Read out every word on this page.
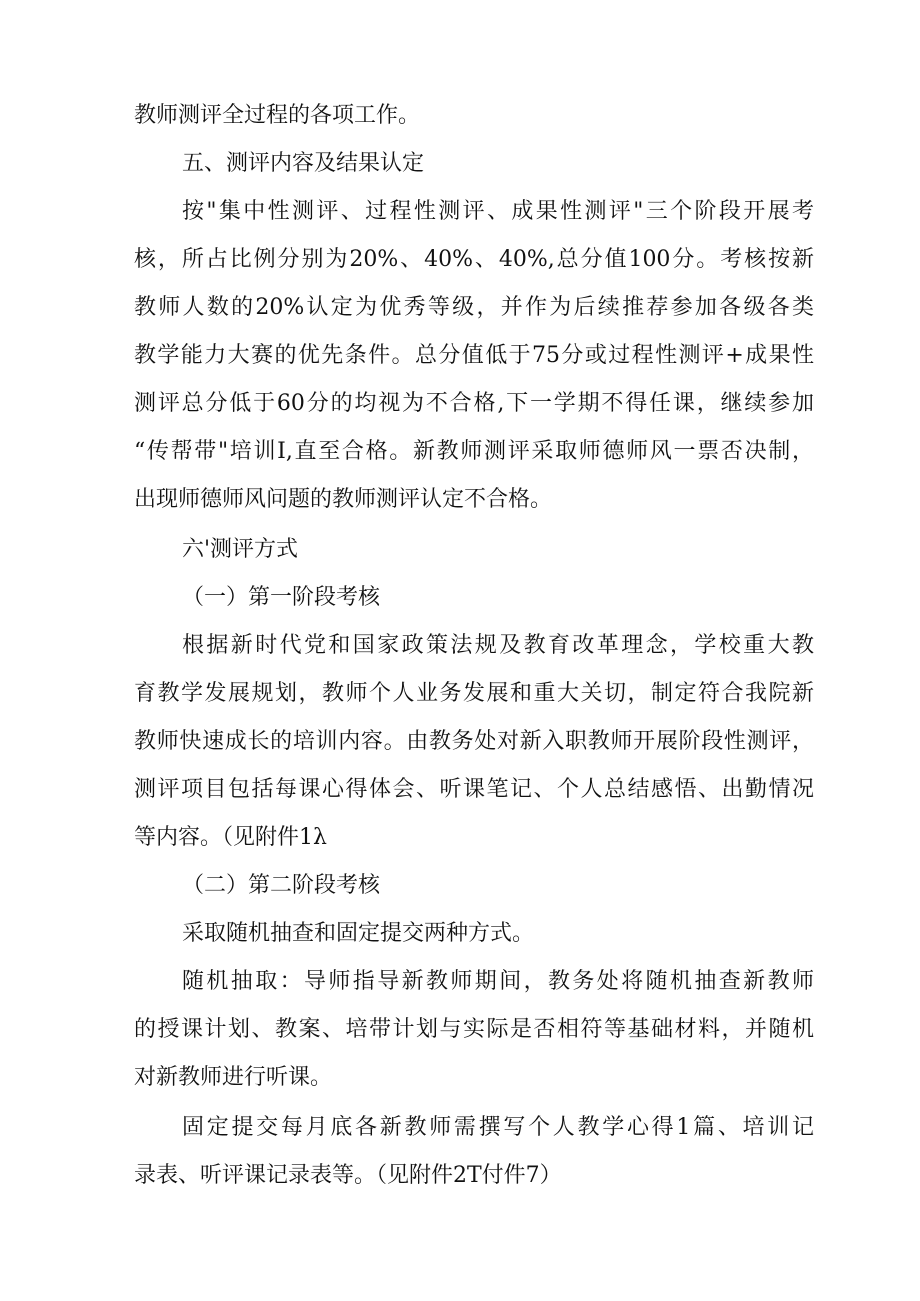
教师测评全过程的各项工作。
五、测评内容及结果认定
按"集中性测评、过程性测评、成果性测评"三个阶段开展考
核，所占比例分别为20%、40%、40%,总分值100分。考核按新
教师人数的20%认定为优秀等级，并作为后续推荐参加各级各类
教学能力大赛的优先条件。总分值低于75分或过程性测评+成果性
测评总分低于60分的均视为不合格,下一学期不得任课，继续参加
“传帮带"培训I,直至合格。新教师测评采取师德师风一票否决制，
出现师德师风问题的教师测评认定不合格。
六'测评方式
（一）第一阶段考核
根据新时代党和国家政策法规及教育改革理念，学校重大教
育教学发展规划，教师个人业务发展和重大关切，制定符合我院新
教师快速成长的培训内容。由教务处对新入职教师开展阶段性测评，
测评项目包括每课心得体会、听课笔记、个人总结感悟、出勤情况
等内容。（见附件1λ
（二）第二阶段考核
采取随机抽查和固定提交两种方式。
随机抽取：导师指导新教师期间，教务处将随机抽查新教师
的授课计划、教案、培带计划与实际是否相符等基础材料，并随机
对新教师进行听课。
固定提交每月底各新教师需撰写个人教学心得1篇、培训记
录表、听评课记录表等。（见附件2T付件7）
